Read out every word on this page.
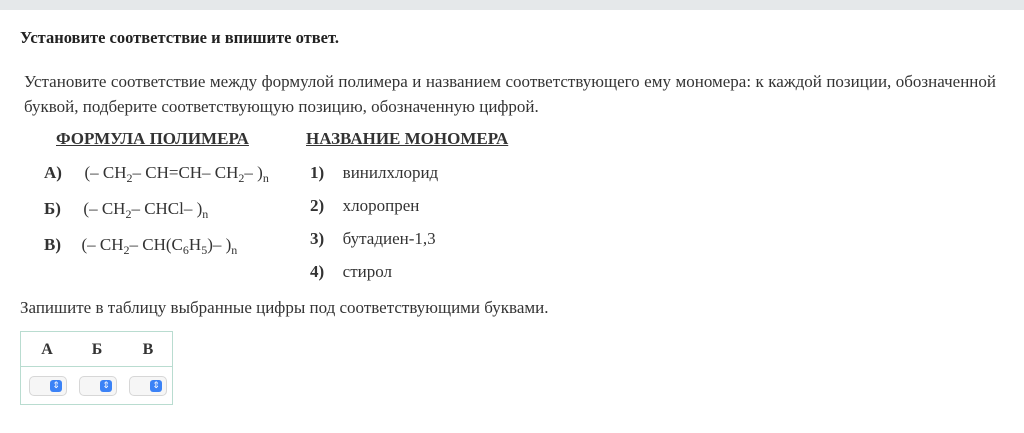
Установите соответствие и впишите ответ.
Установите соответствие между формулой полимера и названием соответствующего ему мономера: к каждой позиции, обозначенной буквой, подберите соответствующую позицию, обозначенную цифрой.
ФОРМУЛА ПОЛИМЕРА	НАЗВАНИЕ МОНОМЕРА
А) (– $CH_2-$ CH=CH– $CH_2-$ )$_n$
Б) (– $CH_2-$ CHCl– )$_n$
В) (– $CH_2-$ $CH(C_6H_5)-$ )$_n$
1) винилхлорид
2) хлоропрен
3) бутадиен-1,3
4) стирол
Запишите в таблицу выбранные цифры под соответствующими буквами.
А	Б	В
⇕	⇕	⇕
